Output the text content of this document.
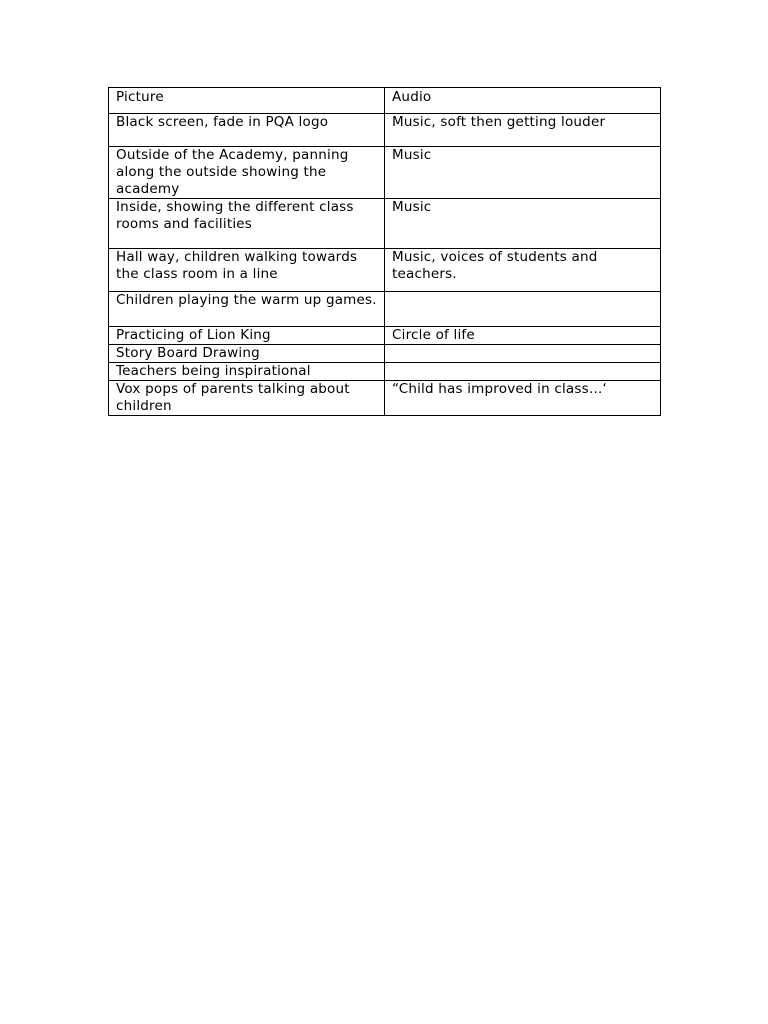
Picture	Audio
Black screen, fade in PQA logo	Music, soft then getting louder
Outside of the Academy, panning along the outside showing the academy	Music
Inside, showing the different class rooms and facilities	Music
Hall way, children walking towards the class room in a line	Music, voices of students and teachers.
Children playing the warm up games.	
Practicing of Lion King	Circle of life
Story Board Drawing	
Teachers being inspirational	
Vox pops of parents talking about children	“Child has improved in class…‘
